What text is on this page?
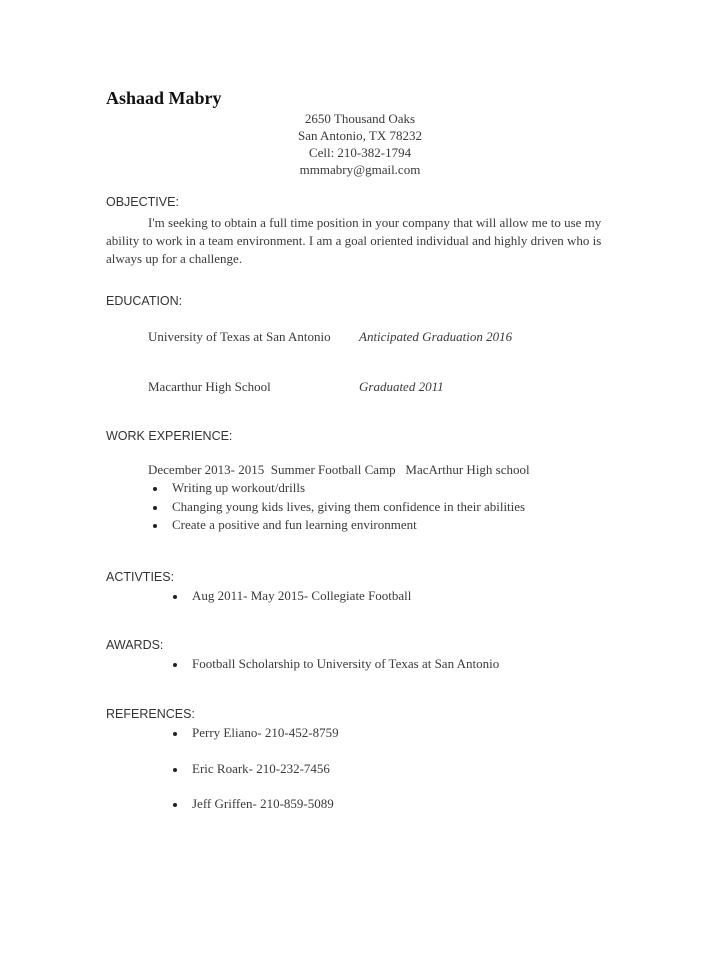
Ashaad Mabry
2650 Thousand Oaks
San Antonio, TX 78232
Cell: 210-382-1794
mmmabry@gmail.com
OBJECTIVE:
I'm seeking to obtain a full time position in your company that will allow me to use my ability to work in a team environment. I am a goal oriented individual and highly driven who is always up for a challenge.
EDUCATION:
University of Texas at San Antonio Anticipated Graduation 2016
Macarthur High School	Graduated 2011
WORK EXPERIENCE:
December 2013- 2015  Summer Football Camp   MacArthur High school
Writing up workout/drills
Changing young kids lives, giving them confidence in their abilities
Create a positive and fun learning environment
ACTIVTIES:
Aug 2011- May 2015- Collegiate Football
AWARDS:
Football Scholarship to University of Texas at San Antonio
REFERENCES:
Perry Eliano- 210-452-8759
Eric Roark- 210-232-7456
Jeff Griffen- 210-859-5089
